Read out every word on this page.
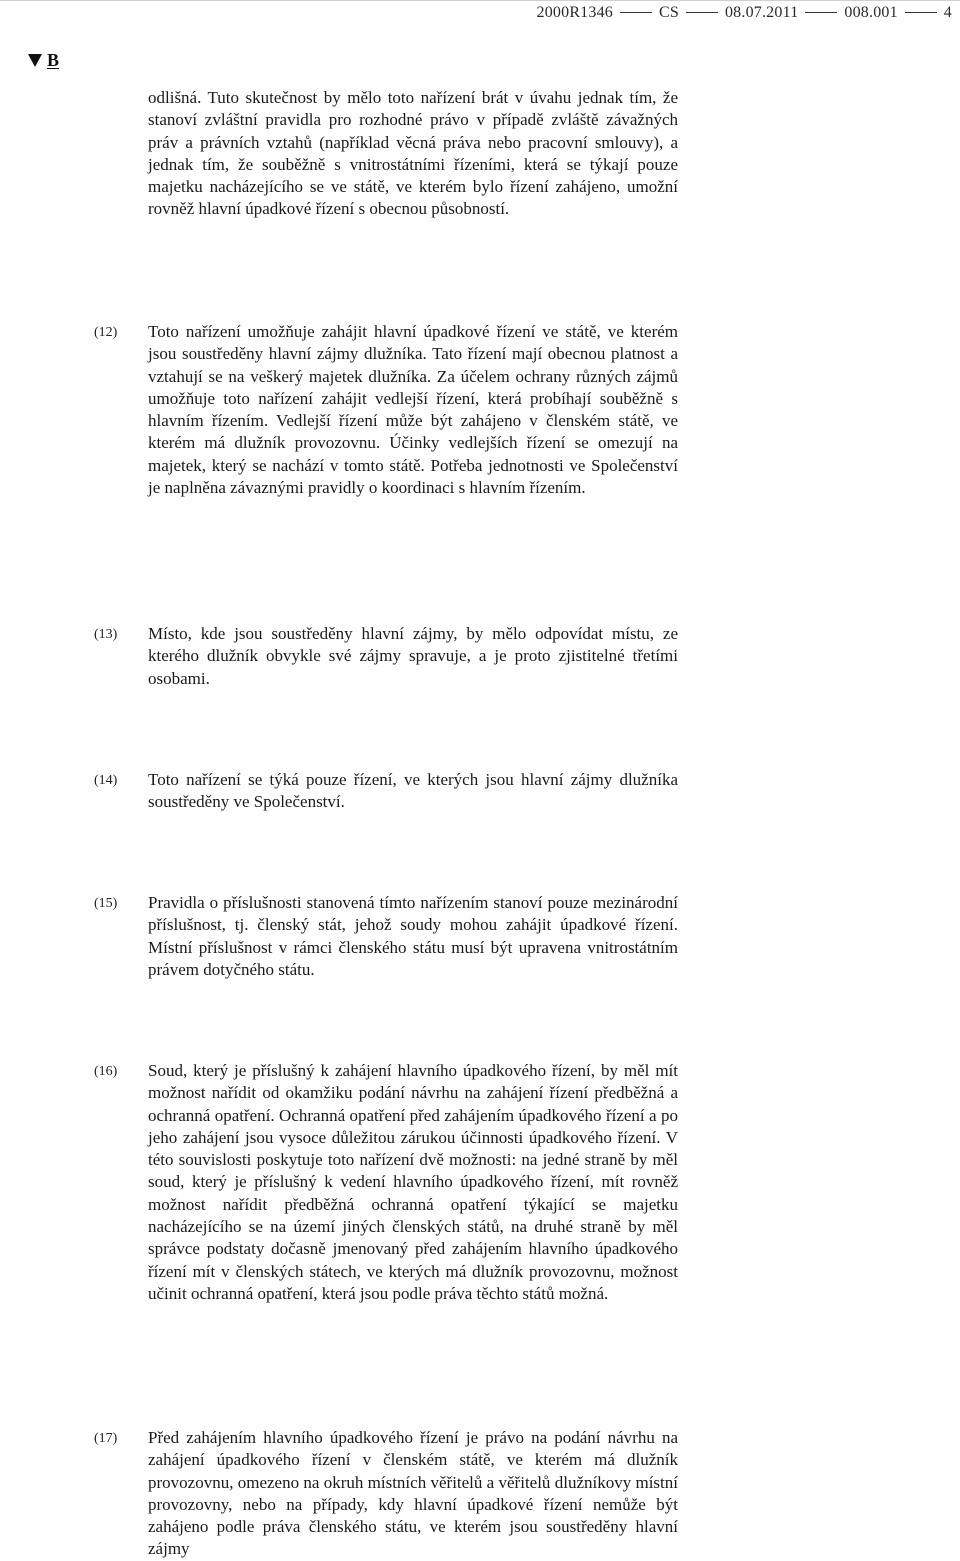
2000R1346	CS	08.07.2011	008.001	4
B
odlišná. Tuto skutečnost by mělo toto nařízení brát v úvahu jednak tím, že stanoví zvláštní pravidla pro rozhodné právo v případě zvláště závažných práv a právních vztahů (například věcná práva nebo pracovní smlouvy), a jednak tím, že souběžně s vnitrostátními řízeními, která se týkají pouze majetku nacházejícího se ve státě, ve kterém bylo řízení zahájeno, umožní rovněž hlavní úpadkové řízení s obecnou působností.
(12) Toto nařízení umožňuje zahájit hlavní úpadkové řízení ve státě, ve kterém jsou soustředěny hlavní zájmy dlužníka. Tato řízení mají obecnou platnost a vztahují se na veškerý majetek dlužníka. Za účelem ochrany různých zájmů umožňuje toto nařízení zahájit vedlejší řízení, která probíhají souběžně s hlavním řízením. Vedlejší řízení může být zahájeno v členském státě, ve kterém má dlužník provozovnu. Účinky vedlejších řízení se omezují na majetek, který se nachází v tomto státě. Potřeba jednotnosti ve Společenství je naplněna závaznými pravidly o koordinaci s hlavním řízením.
(13) Místo, kde jsou soustředěny hlavní zájmy, by mělo odpovídat místu, ze kterého dlužník obvykle své zájmy spravuje, a je proto zjistitelné třetími osobami.
(14) Toto nařízení se týká pouze řízení, ve kterých jsou hlavní zájmy dlužníka soustředěny ve Společenství.
(15) Pravidla o příslušnosti stanovená tímto nařízením stanoví pouze mezinárodní příslušnost, tj. členský stát, jehož soudy mohou zahájit úpadkové řízení. Místní příslušnost v rámci členského státu musí být upravena vnitrostátním právem dotyčného státu.
(16) Soud, který je příslušný k zahájení hlavního úpadkového řízení, by měl mít možnost nařídit od okamžiku podání návrhu na zahájení řízení předběžná a ochranná opatření. Ochranná opatření před zahájením úpadkového řízení a po jeho zahájení jsou vysoce důležitou zárukou účinnosti úpadkového řízení. V této souvislosti poskytuje toto nařízení dvě možnosti: na jedné straně by měl soud, který je příslušný k vedení hlavního úpadkového řízení, mít rovněž možnost nařídit předběžná ochranná opatření týkající se majetku nacházejícího se na území jiných členských států, na druhé straně by měl správce podstaty dočasně jmenovaný před zahájením hlavního úpadkového řízení mít v členských státech, ve kterých má dlužník provozovnu, možnost učinit ochranná opatření, která jsou podle práva těchto států možná.
(17) Před zahájením hlavního úpadkového řízení je právo na podání návrhu na zahájení úpadkového řízení v členském státě, ve kterém má dlužník provozovnu, omezeno na okruh místních věřitelů a věřitelů dlužníkovy místní provozovny, nebo na případy, kdy hlavní úpadkové řízení nemůže být zahájeno podle práva členského státu, ve kterém jsou soustředěny hlavní zájmy
